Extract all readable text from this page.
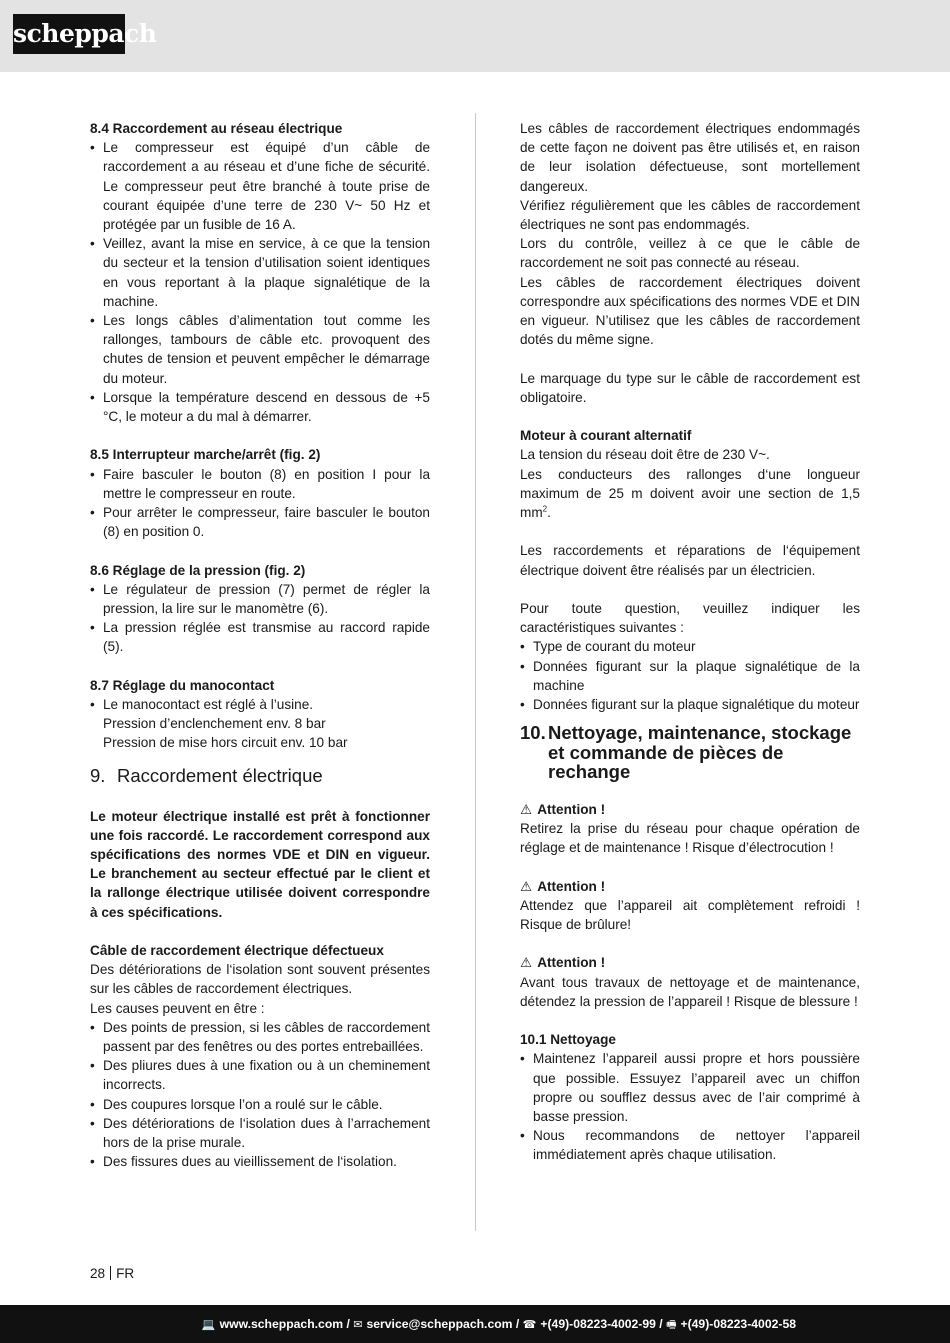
scheppach

8.4 Raccordement au réseau électrique

• Le compresseur est équipé d’un câble de raccordement a au réseau et d’une fiche de sécurité. Le compresseur peut être branché à toute prise de courant équipée d’une terre de 230 V~ 50 Hz et protégée par un fusible de 16 A.
• Veillez, avant la mise en service, à ce que la tension du secteur et la tension d’utilisation soient identiques en vous reportant à la plaque signalétique de la machine.
• Les longs câbles d’alimentation tout comme les rallonges, tambours de câble etc. provoquent des chutes de tension et peuvent empêcher le démarrage du moteur.
• Lorsque la température descend en dessous de +5 °C, le moteur a du mal à démarrer.

8.5 Interrupteur marche/arrêt (fig. 2)

• Faire basculer le bouton (8) en position I pour la mettre le compresseur en route.
• Pour arrêter le compresseur, faire basculer le bouton (8) en position 0.

8.6 Réglage de la pression (fig. 2)

• Le régulateur de pression (7) permet de régler la pression, la lire sur le manomètre (6).
• La pression réglée est transmise au raccord rapide (5).

8.7 Réglage du manocontact

• Le manocontact est réglé à l’usine.

Pression d’enclenchement env. 8 bar

Pression de mise hors circuit env. 10 bar

9. Raccordement électrique

Le moteur électrique installé est prêt à fonctionner une fois raccordé. Le raccordement correspond aux spécifications des normes VDE et DIN en vigueur. Le branchement au secteur effectué par le client et la rallonge électrique utilisée doivent correspondre à ces spécifications.

Câble de raccordement électrique défectueux

Des détériorations de l‘isolation sont souvent présentes sur les câbles de raccordement électriques.

Les causes peuvent en être :

• Des points de pression, si les câbles de raccordement passent par des fenêtres ou des portes entrebaillées.
• Des pliures dues à une fixation ou à un cheminement incorrects.
• Des coupures lorsque l’on a roulé sur le câble.
• Des détériorations de l‘isolation dues à l’arrachement hors de la prise murale.
• Des fissures dues au vieillissement de l‘isolation.

Les câbles de raccordement électriques endommagés de cette façon ne doivent pas être utilisés et, en raison de leur isolation défectueuse, sont mortellement dangereux.

Vérifiez régulièrement que les câbles de raccordement électriques ne sont pas endommagés.

Lors du contrôle, veillez à ce que le câble de raccordement ne soit pas connecté au réseau.

Les câbles de raccordement électriques doivent correspondre aux spécifications des normes VDE et DIN en vigueur. N’utilisez que les câbles de raccordement dotés du même signe.

Le marquage du type sur le câble de raccordement est obligatoire.

Moteur à courant alternatif

La tension du réseau doit être de 230 V~.

Les conducteurs des rallonges d‘une longueur maximum de 25 m doivent avoir une section de 1,5 $mm^2$.

Les raccordements et réparations de l‘équipement électrique doivent être réalisés par un électricien.

Pour toute question, veuillez indiquer les caractéristiques suivantes :

• Type de courant du moteur
• Données figurant sur la plaque signalétique de la machine
• Données figurant sur la plaque signalétique du moteur
10. Nettoyage, maintenance, stockage et commande de pièces de rechange

⚠ Attention !

Retirez la prise du réseau pour chaque opération de réglage et de maintenance ! Risque d’électrocution !

⚠ Attention !

Attendez que l’appareil ait complètement refroidi ! Risque de brûlure!

⚠ Attention !

Avant tous travaux de nettoyage et de maintenance, détendez la pression de l’appareil ! Risque de blessure !

10.1 Nettoyage

• Maintenez l’appareil aussi propre et hors poussière que possible. Essuyez l’appareil avec un chiffon propre ou soufflez dessus avec de l’air comprimé à basse pression.
• Nous recommandons de nettoyer l’appareil immédiatement après chaque utilisation.
28 FR
💻 www.scheppach.com / ✉ service@scheppach.com / ☎ +(49)-08223-4002-99 / 🖷 +(49)-08223-4002-58
